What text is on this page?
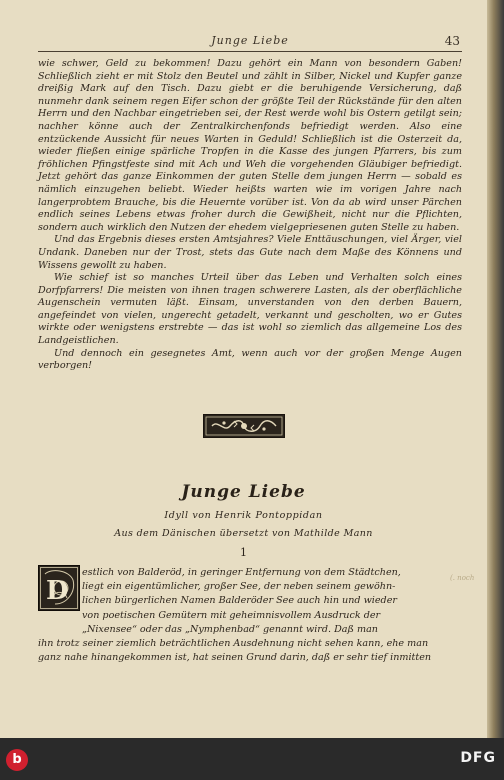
Junge Liebe	43

wie schwer, Geld zu bekommen! Dazu gehört ein Mann von besondern Gaben! Schließlich zieht er mit Stolz den Beutel und zählt in Silber, Nickel und Kupfer ganze dreißig Mark auf den Tisch. Dazu giebt er die beruhigende Versicherung, daß nunmehr dank seinem regen Eifer schon der größte Teil der Rückstände für den alten Herrn und den Nachbar eingetrieben sei, der Rest werde wohl bis Ostern getilgt sein; nachher könne auch der Zentralkirchenfonds befriedigt werden. Also eine entzückende Aussicht für neues Warten in Geduld! Schließlich ist die Osterzeit da, wieder fließen einige spärliche Tropfen in die Kasse des jungen Pfarrers, bis zum fröhlichen Pfingstfeste sind mit Ach und Weh die vorgehenden Gläubiger befriedigt. Jetzt gehört das ganze Einkommen der guten Stelle dem jungen Herrn — sobald es nämlich einzugehen beliebt. Wieder heißts warten wie im vorigen Jahre nach langerprobtem Brauche, bis die Heuernte vorüber ist. Von da ab wird unser Pärchen endlich seines Lebens etwas froher durch die Gewißheit, nicht nur die Pflichten, sondern auch wirklich den Nutzen der ehedem vielgepriesenen guten Stelle zu haben.

Und das Ergebnis dieses ersten Amtsjahres? Viele Enttäuschungen, viel Ärger, viel Undank. Daneben nur der Trost, stets das Gute nach dem Maße des Könnens und Wissens gewollt zu haben.

Wie schief ist so manches Urteil über das Leben und Verhalten solch eines Dorfpfarrers! Die meisten von ihnen tragen schwerere Lasten, als der oberflächliche Augenschein vermuten läßt. Einsam, unverstanden von den derben Bauern, angefeindet von vielen, ungerecht getadelt, verkannt und gescholten, wo er Gutes wirkte oder wenigstens erstrebte — das ist wohl so ziemlich das allgemeine Los des Landgeistlichen.

Und dennoch ein gesegnetes Amt, wenn auch vor der großen Menge Augen verborgen!

Junge Liebe
Idyll von Henrik Pontoppidan
Aus dem Dänischen übersetzt von Mathilde Mann
1
D
estlich von Balderöd, in geringer Entfernung von dem Städtchen,
liegt ein eigentümlicher, großer See, der neben seinem gewöhn-
lichen bürgerlichen Namen Balderöder See auch hin und wieder
von poetischen Gemütern mit geheimnisvollem Ausdruck der
„Nixensee“ oder das „Nymphenbad“ genannt wird. Daß man
ihn trotz seiner ziemlich beträchtlichen Ausdehnung nicht sehen kann, ehe man
ganz nahe hinangekommen ist, hat seinen Grund darin, daß er sehr tief inmitten
(. noch
b	DFG
